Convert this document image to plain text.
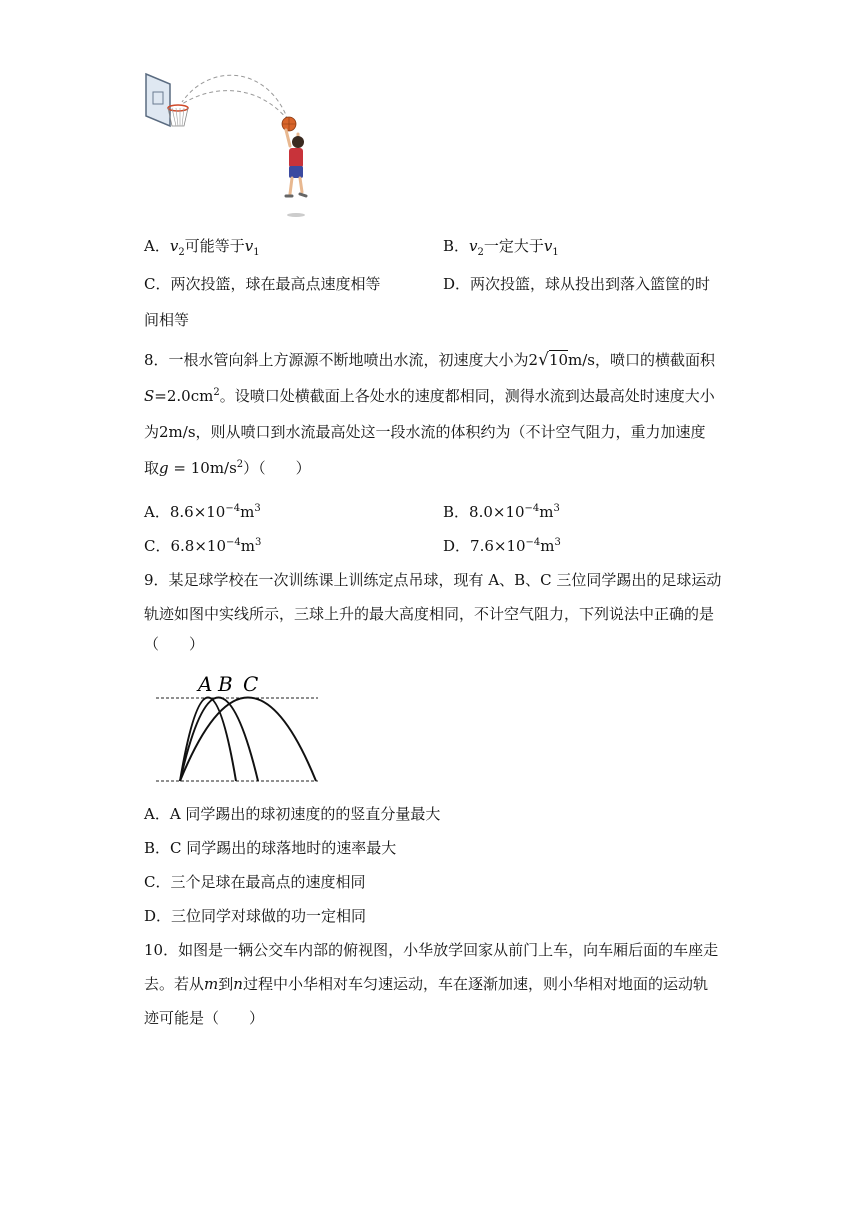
A．$v_2$可能等于$v_1$	B．$v_2$一定大于$v_1$
C．两次投篮，球在最高点速度相等	D．两次投篮，球从投出到落入篮筐的时
间相等
8．一根水管向斜上方源源不断地喷出水流，初速度大小为2√10m/s，喷口的横截面积
$S=2.0cm^2$。设喷口处横截面上各处水的速度都相同，测得水流到达最高处时速度大小
为2m/s，则从喷口到水流最高处这一段水流的体积约为（不计空气阻力，重力加速度
取$g = 10m/s^2$）（　　）
A．$8.6\times 10^{-4}m^3$	B．$8.0\times 10^{-4}m^3$
C．$6.8\times 10^{-4}m^3$	D．$7.6\times 10^{-4}m^3$
9．某足球学校在一次训练课上训练定点吊球，现有 A、B、C 三位同学踢出的足球运动
轨迹如图中实线所示，三球上升的最大高度相同，不计空气阻力，下列说法中正确的是
（　　）
A B C
A．A 同学踢出的球初速度的的竖直分量最大
B．C 同学踢出的球落地时的速率最大
C．三个足球在最高点的速度相同
D．三位同学对球做的功一定相同
10．如图是一辆公交车内部的俯视图，小华放学回家从前门上车，向车厢后面的车座走
去。若从m到n过程中小华相对车匀速运动，车在逐渐加速，则小华相对地面的运动轨
迹可能是（　　）
